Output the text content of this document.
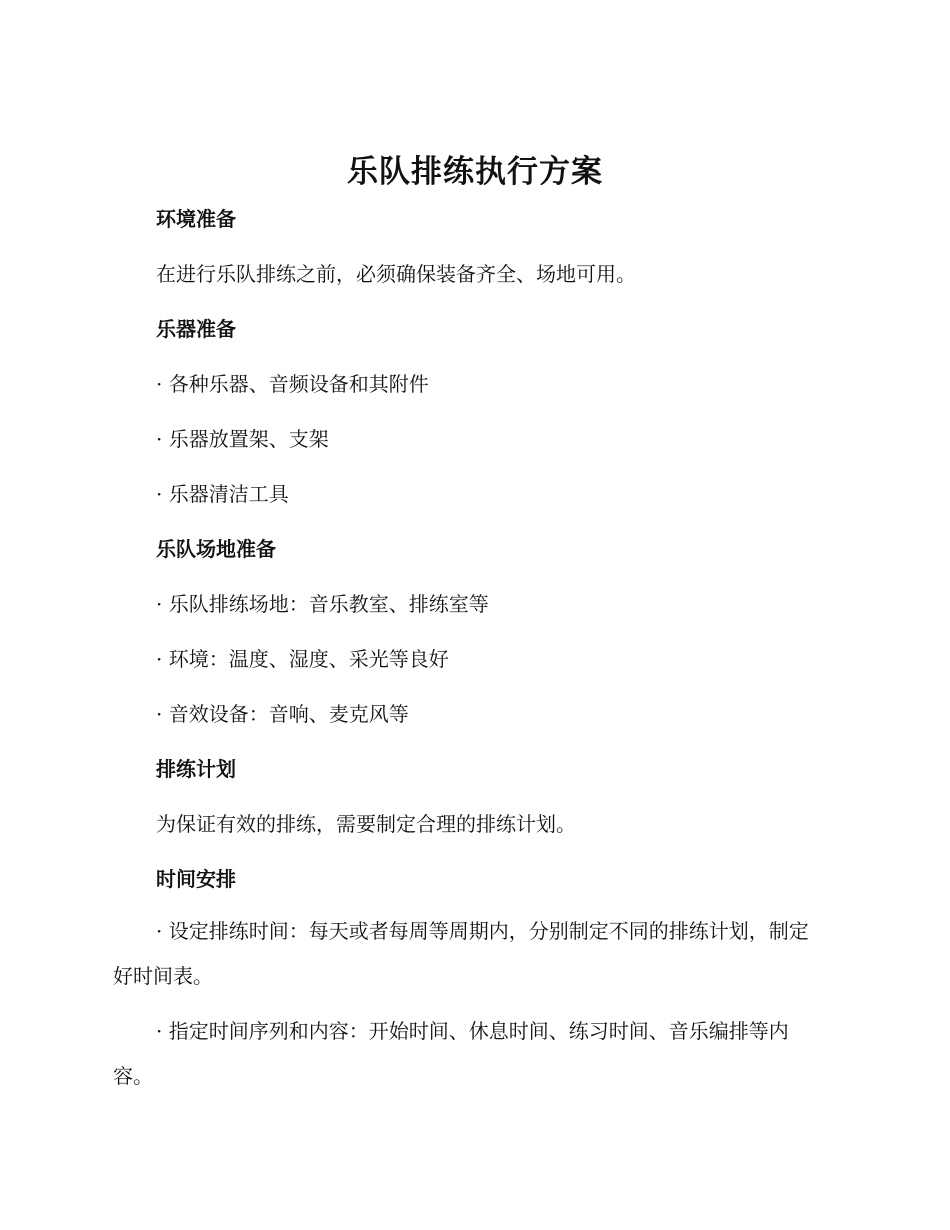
乐队排练执行方案
环境准备
在进行乐队排练之前，必须确保装备齐全、场地可用。
乐器准备
· 各种乐器、音频设备和其附件
· 乐器放置架、支架
· 乐器清洁工具
乐队场地准备
· 乐队排练场地：音乐教室、排练室等
· 环境：温度、湿度、采光等良好
· 音效设备：音响、麦克风等
排练计划
为保证有效的排练，需要制定合理的排练计划。
时间安排
· 设定排练时间：每天或者每周等周期内，分别制定不同的排练计划，制定好时间表。
· 指定时间序列和内容：开始时间、休息时间、练习时间、音乐编排等内容。
